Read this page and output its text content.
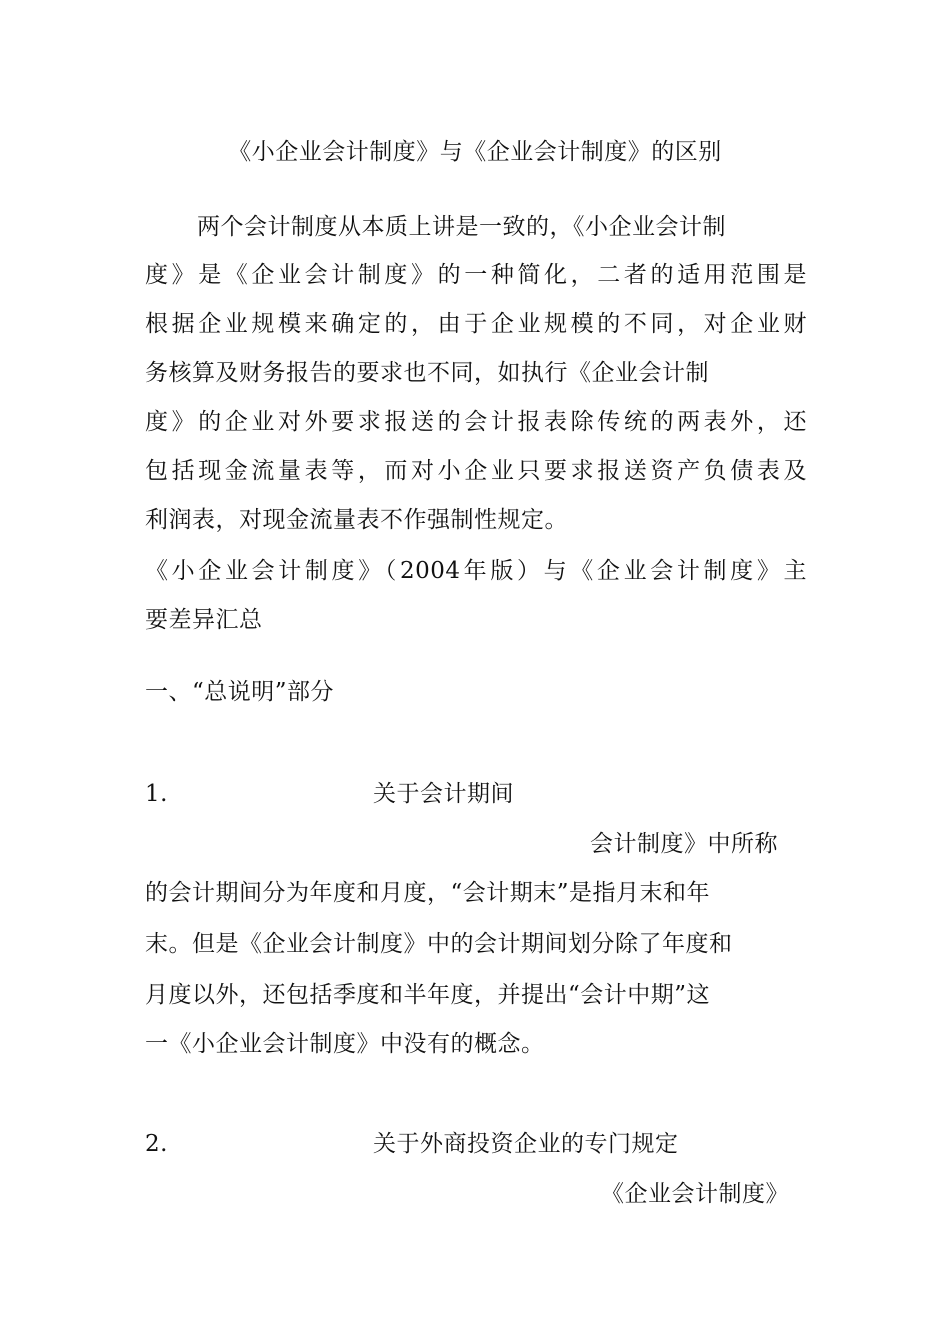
《小企业会计制度》与《企业会计制度》的区别
两个会计制度从本质上讲是一致的，《小企业会计制
度》是《企业会计制度》的一种简化，二者的适用范围是
根据企业规模来确定的，由于企业规模的不同，对企业财
务核算及财务报告的要求也不同，如执行《企业会计制
度》的企业对外要求报送的会计报表除传统的两表外，还
包括现金流量表等，而对小企业只要求报送资产负债表及
利润表，对现金流量表不作强制性规定。
《小企业会计制度》（2004年版）与《企业会计制度》主
要差异汇总
一、“总说明”部分
1.	关于会计期间
会计制度》中所称
的会计期间分为年度和月度，“会计期末”是指月末和年
末。但是《企业会计制度》中的会计期间划分除了年度和
月度以外，还包括季度和半年度，并提出“会计中期”这
一《小企业会计制度》中没有的概念。
2.	关于外商投资企业的专门规定
《企业会计制度》
